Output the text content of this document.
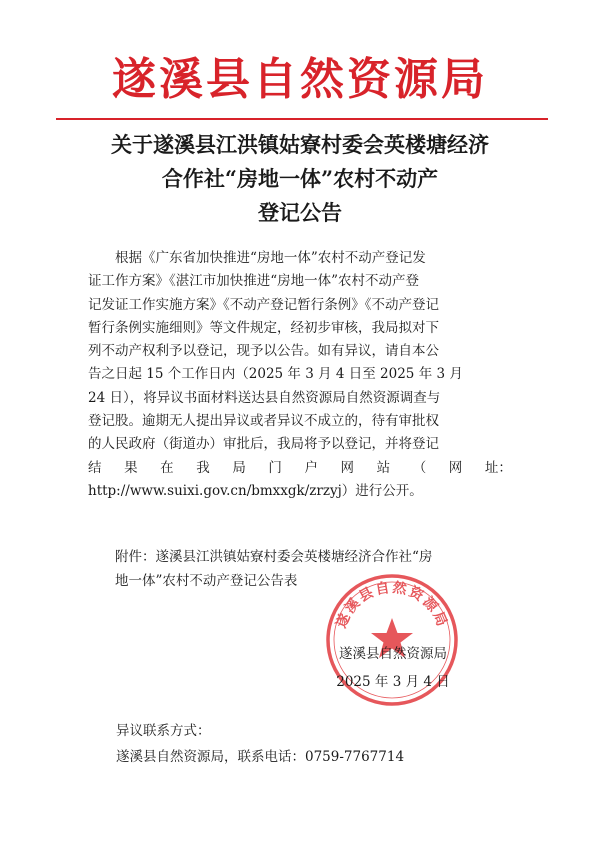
遂溪县自然资源局
关于遂溪县江洪镇姑寮村委会英楼塘经济
合作社“房地一体”农村不动产
登记公告
根据《广东省加快推进“房地一体”农村不动产登记发
证工作方案》《湛江市加快推进“房地一体”农村不动产登
记发证工作实施方案》《不动产登记暂行条例》《不动产登记
暂行条例实施细则》等文件规定，经初步审核，我局拟对下
列不动产权利予以登记，现予以公告。如有异议，请自本公
告之日起 15 个工作日内（2025 年 3 月 4 日至 2025 年 3 月
24 日），将异议书面材料送达县自然资源局自然资源调查与
登记股。逾期无人提出异议或者异议不成立的，待有审批权
的人民政府（街道办）审批后，我局将予以登记，并将登记
结 果 在 我 局 门 户 网 站 （ 网 址：
http://www.suixi.gov.cn/bmxxgk/zrzyj）进行公开。
附件：遂溪县江洪镇姑寮村委会英楼塘经济合作社“房
地一体”农村不动产登记公告表
遂溪县自然资源局
遂溪县自然资源局
2025 年 3 月 4 日
异议联系方式：
遂溪县自然资源局，联系电话：0759-7767714
